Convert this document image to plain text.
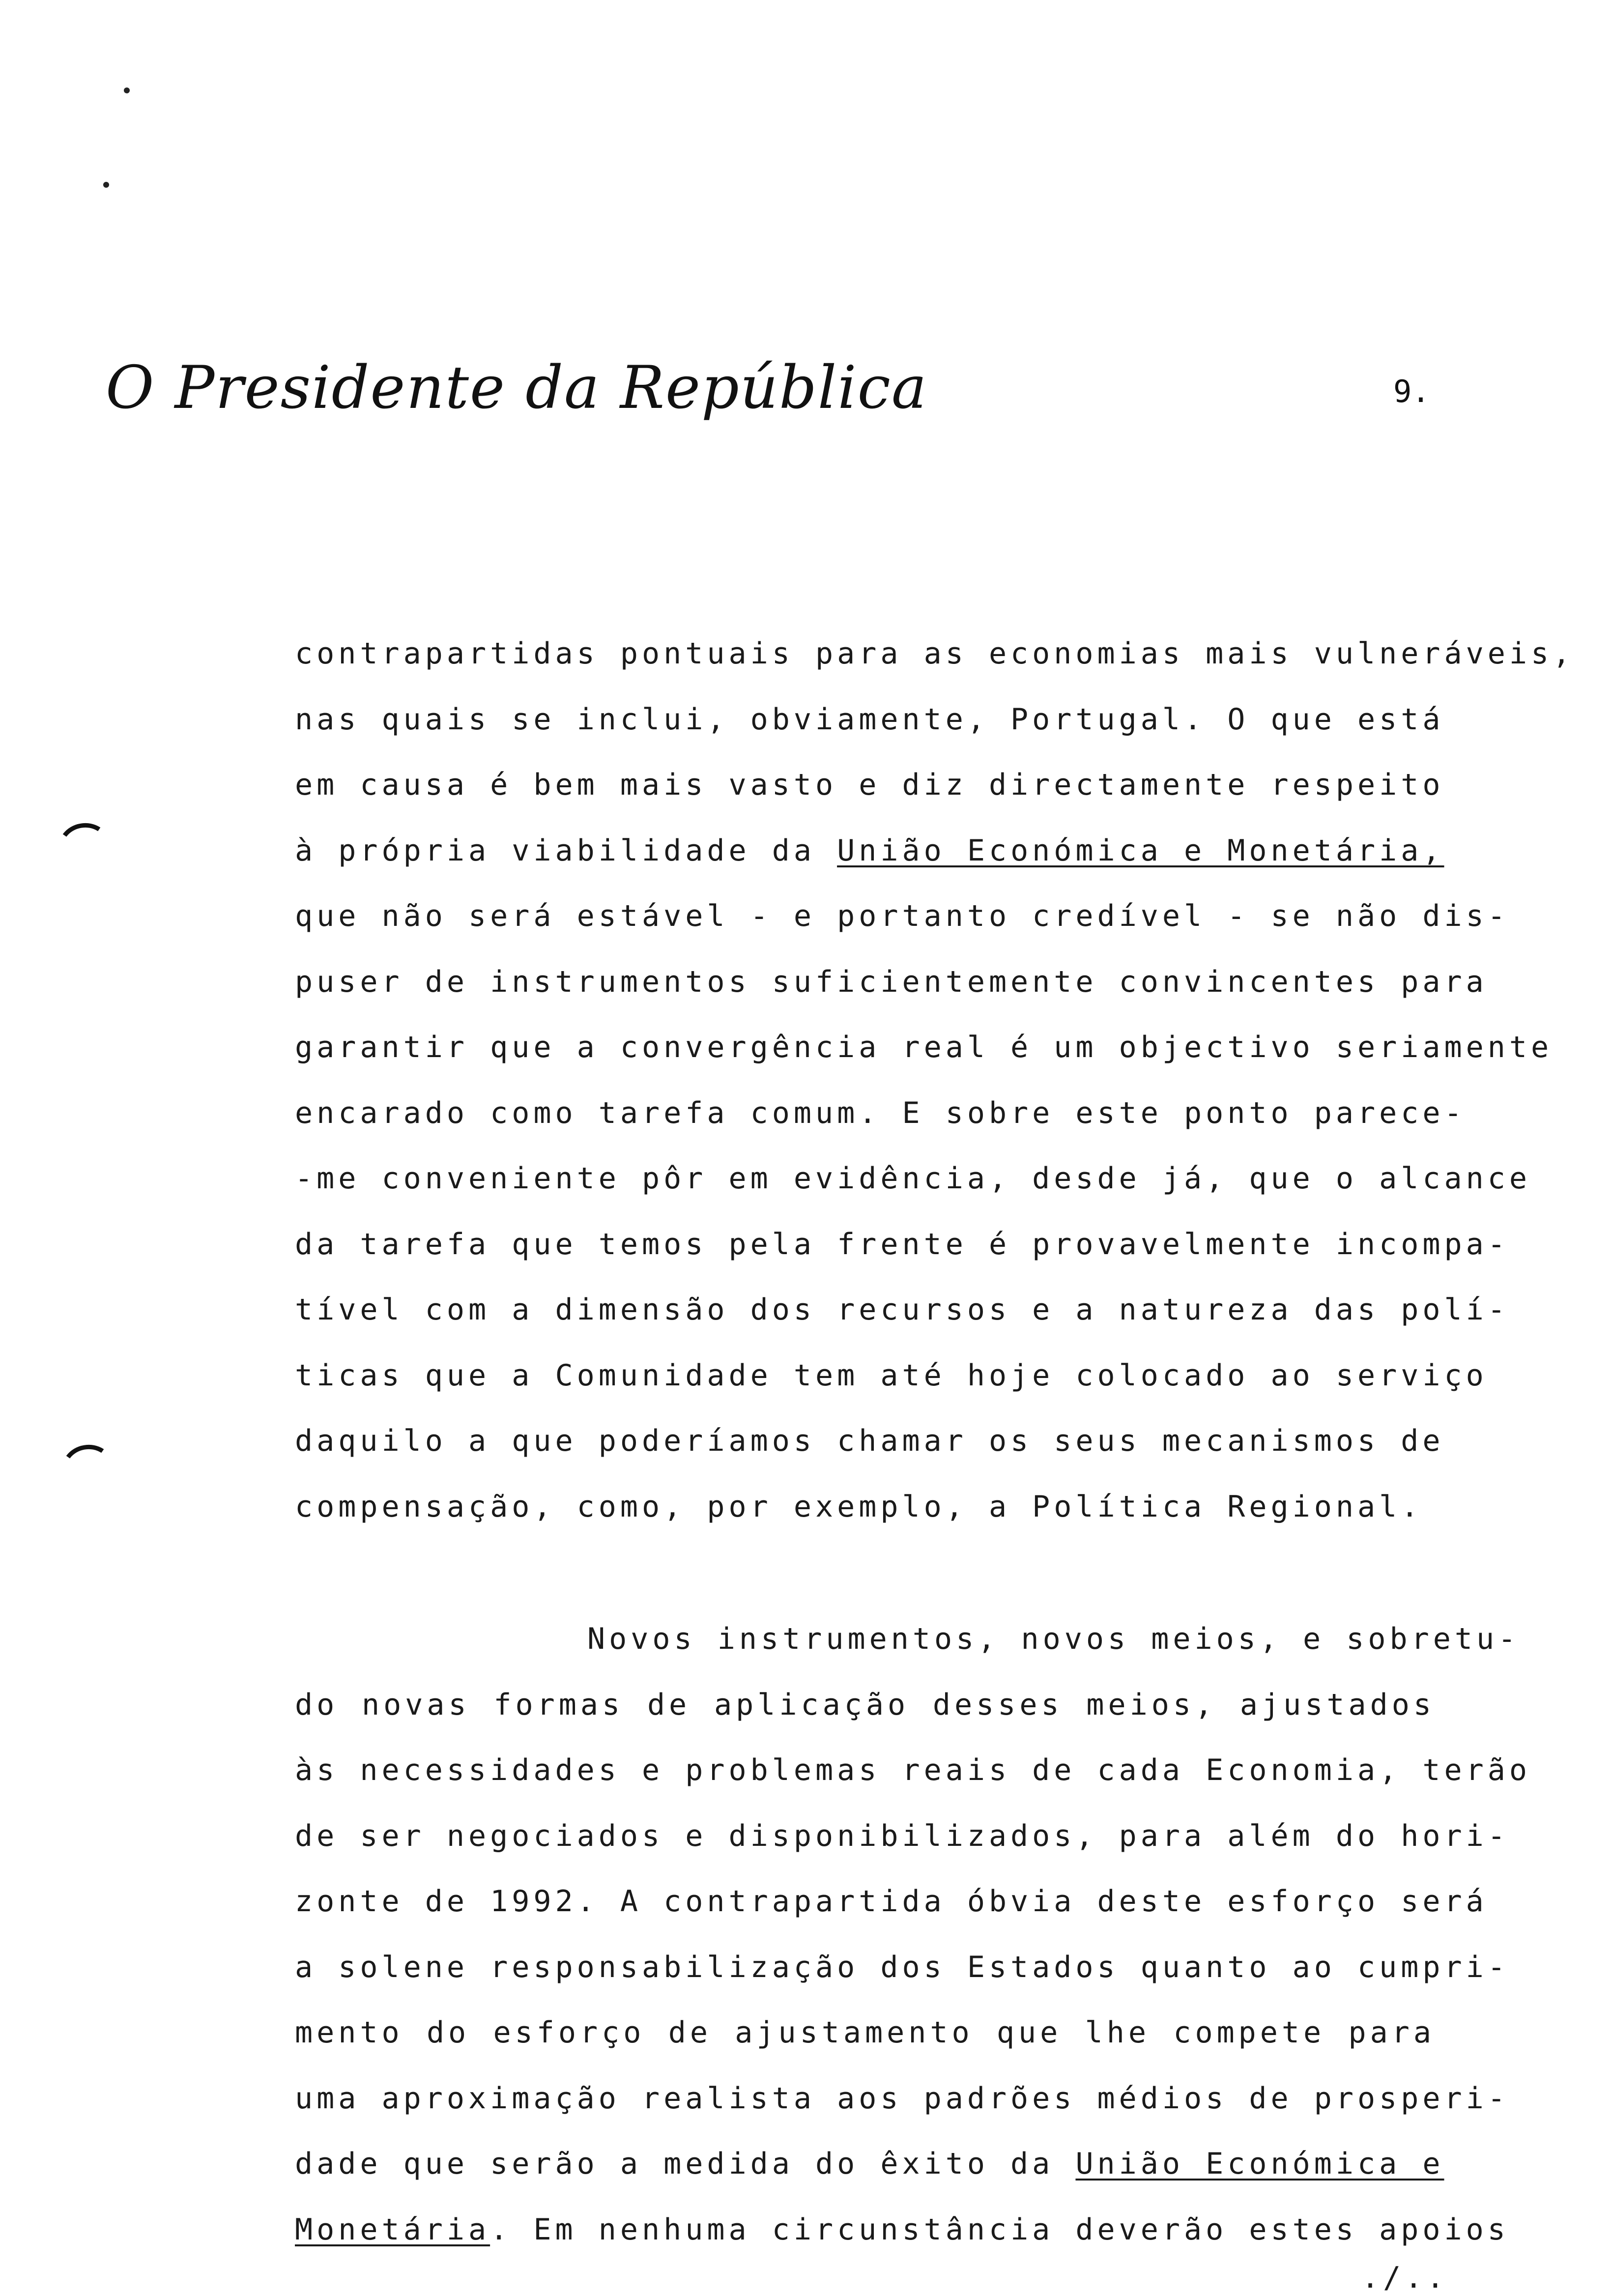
O Presidente da República	9.
contrapartidas pontuais para as economias mais vulneráveis,
nas quais se inclui, obviamente, Portugal. O que está
em causa é bem mais vasto e diz directamente respeito
à própria viabilidade da União Económica e Monetária,
que não será estável - e portanto credível - se não dis-
puser de instrumentos suficientemente convincentes para
garantir que a convergência real é um objectivo seriamente
encarado como tarefa comum. E sobre este ponto parece-
-me conveniente pôr em evidência, desde já, que o alcance
da tarefa que temos pela frente é provavelmente incompa-
tível com a dimensão dos recursos e a natureza das polí-
ticas que a Comunidade tem até hoje colocado ao serviço
daquilo a que poderíamos chamar os seus mecanismos de
compensação, como, por exemplo, a Política Regional.
Novos instrumentos, novos meios, e sobretu-
do novas formas de aplicação desses meios, ajustados
às necessidades e problemas reais de cada Economia, terão
de ser negociados e disponibilizados, para além do hori-
zonte de 1992. A contrapartida óbvia deste esforço será
a solene responsabilização dos Estados quanto ao cumpri-
mento do esforço de ajustamento que lhe compete para
uma aproximação realista aos padrões médios de prosperi-
dade que serão a medida do êxito da União Económica e
Monetária. Em nenhuma circunstância deverão estes apoios
./..
